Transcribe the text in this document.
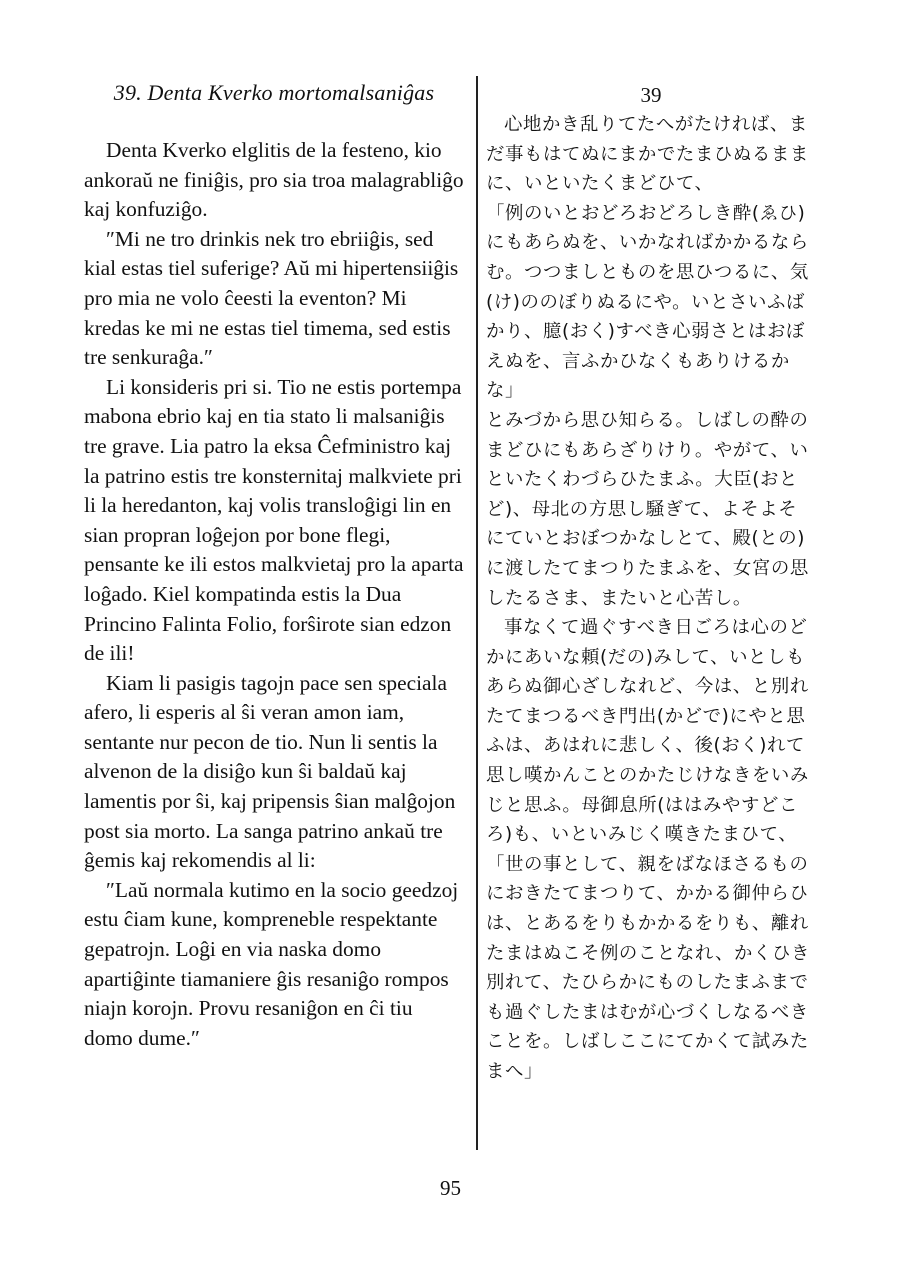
39. Denta Kverko mortomalsaniĝas

Denta Kverko elglitis de la festeno, kio ankoraŭ ne finiĝis, pro sia troa malagrabliĝo kaj konfuziĝo.

″Mi ne tro drinkis nek tro ebriiĝis, sed kial estas tiel suferige? Aŭ mi hipertensiiĝis pro mia ne volo ĉeesti la eventon? Mi kredas ke mi ne estas tiel timema, sed estis tre senkuraĝa.″

Li konsideris pri si. Tio ne estis portempa mabona ebrio kaj en tia stato li malsaniĝis tre grave. Lia patro la eksa Ĉefministro kaj la patrino estis tre konsternitaj malkviete pri li la heredanton, kaj volis transloĝigi lin en sian propran loĝejon por bone flegi, pensante ke ili estos malkvietaj pro la aparta loĝado. Kiel kompatinda estis la Dua Princino Falinta Folio, forŝirote sian edzon de ili!

Kiam li pasigis tagojn pace sen speciala afero, li esperis al ŝi veran amon iam, sentante nur pecon de tio. Nun li sentis la alvenon de la disiĝo kun ŝi baldaŭ kaj lamentis por ŝi, kaj pripensis ŝian malĝojon post sia morto. La sanga patrino ankaŭ tre ĝemis kaj rekomendis al li:

″Laŭ normala kutimo en la socio geedzoj estu ĉiam kune, kompreneble respektante gepatrojn. Loĝi en via naska domo apartiĝinte tiamaniere ĝis resaniĝo rompos niajn korojn. Provu resaniĝon en ĉi tiu domo dume.″

39

心地かき乱りてたへがたければ、まだ事もはてぬにまかでたまひぬるままに、いといたくまどひて、

「例のいとおどろおどろしき酔(ゑひ)にもあらぬを、いかなればかかるならむ。つつましとものを思ひつるに、気(け)ののぼりぬるにや。いとさいふばかり、臆(おく)すべき心弱さとはおぼえぬを、言ふかひなくもありけるかな」

とみづから思ひ知らる。しばしの酔のまどひにもあらざりけり。やがて、いといたくわづらひたまふ。大臣(おとど)、母北の方思し騒ぎて、よそよそにていとおぼつかなしとて、殿(との)に渡したてまつりたまふを、女宮の思したるさま、またいと心苦し。

事なくて過ぐすべき日ごろは心のどかにあいな頼(だの)みして、いとしもあらぬ御心ざしなれど、今は、と別れたてまつるべき門出(かどで)にやと思ふは、あはれに悲しく、後(おく)れて思し嘆かんことのかたじけなきをいみじと思ふ。母御息所(ははみやすどころ)も、いといみじく嘆きたまひて、

「世の事として、親をばなほさるものにおきたてまつりて、かかる御仲らひは、とあるをりもかかるをりも、離れたまはぬこそ例のことなれ、かくひき別れて、たひらかにものしたまふまでも過ぐしたまはむが心づくしなるべきことを。しばしここにてかくて試みたまへ」

95
